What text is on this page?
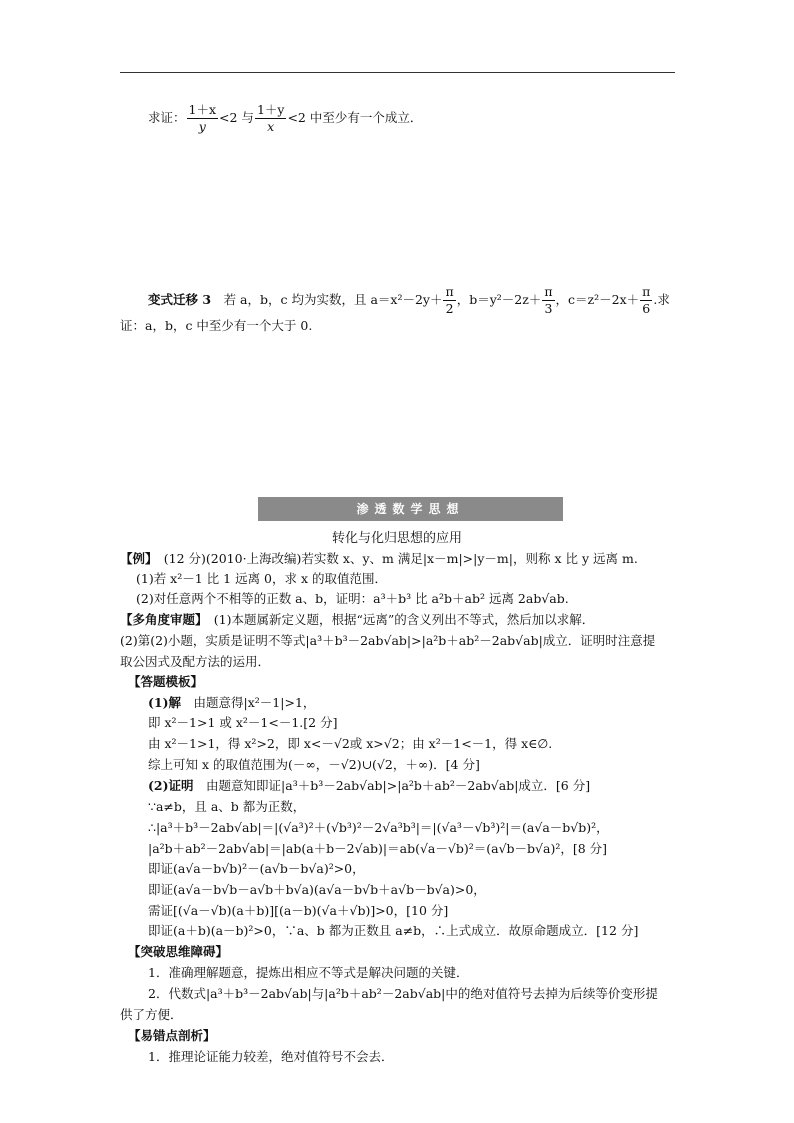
求证： $\frac{1+x}{y} <2$ 与 $\frac{1+y}{x} <2$ 中至少有一个成立．
变式迁移 3　若 a，b，c 均为实数，且 $a=x^2-2y+ \frac{\pi}{2}$ ，$b=y^2-2z+ \frac{\pi}{3}$ ，$c=z^2-2x+ \frac{\pi}{6}$ .求
证：a，b，c 中至少有一个大于 0.
渗透数学思想
转化与化归思想的应用
【例】　(12 分)(2010·上海改编)若实数 x、y、m 满足|x－m|>|y－m|，则称 x 比 y 远离 m.
(1)若 x²－1 比 1 远离 0，求 x 的取值范围．
(2)对任意两个不相等的正数 a、b，证明：a³＋b³ 比 a²b＋ab² 远离 2ab√ab.
【多角度审题】　(1)本题属新定义题，根据“远离”的含义列出不等式，然后加以求解．
(2)第(2)小题，实质是证明不等式|a³＋b³－2ab√ab|>|a²b＋ab²－2ab√ab|成立．证明时注意提
取公因式及配方法的运用．
【答题模板】
(1)解　由题意得|x²－1|>1，
即 x²－1>1 或 x²－1<－1.[2 分]
由 x²－1>1，得 x²>2，即 x<－√2或 x>√2；由 x²－1<－1，得 x∈∅.
综上可知 x 的取值范围为(－∞，－√2)∪(√2，＋∞)．[4 分]
(2)证明　由题意知即证|a³＋b³－2ab√ab|>|a²b＋ab²－2ab√ab|成立．[6 分]
∵a≠b，且 a、b 都为正数，
∴|a³＋b³－2ab√ab|＝|(√a³)²＋(√b³)²－2√a³b³|＝|(√a³－√b³)²|＝(a√a－b√b)²，
|a²b＋ab²－2ab√ab|＝|ab(a＋b－2√ab)|＝ab(√a－√b)²＝(a√b－b√a)²，[8 分]
即证(a√a－b√b)²－(a√b－b√a)²>0，
即证(a√a－b√b－a√b＋b√a)(a√a－b√b＋a√b－b√a)>0，
需证[(√a－√b)(a＋b)][(a－b)(√a＋√b)]>0，[10 分]
即证(a＋b)(a－b)²>0，∵a、b 都为正数且 a≠b，∴上式成立．故原命题成立．[12 分]
【突破思维障碍】
1．准确理解题意，提炼出相应不等式是解决问题的关键．
2．代数式|a³＋b³－2ab√ab|与|a²b＋ab²－2ab√ab|中的绝对值符号去掉为后续等价变形提
供了方便．
【易错点剖析】
1．推理论证能力较差，绝对值符号不会去．
